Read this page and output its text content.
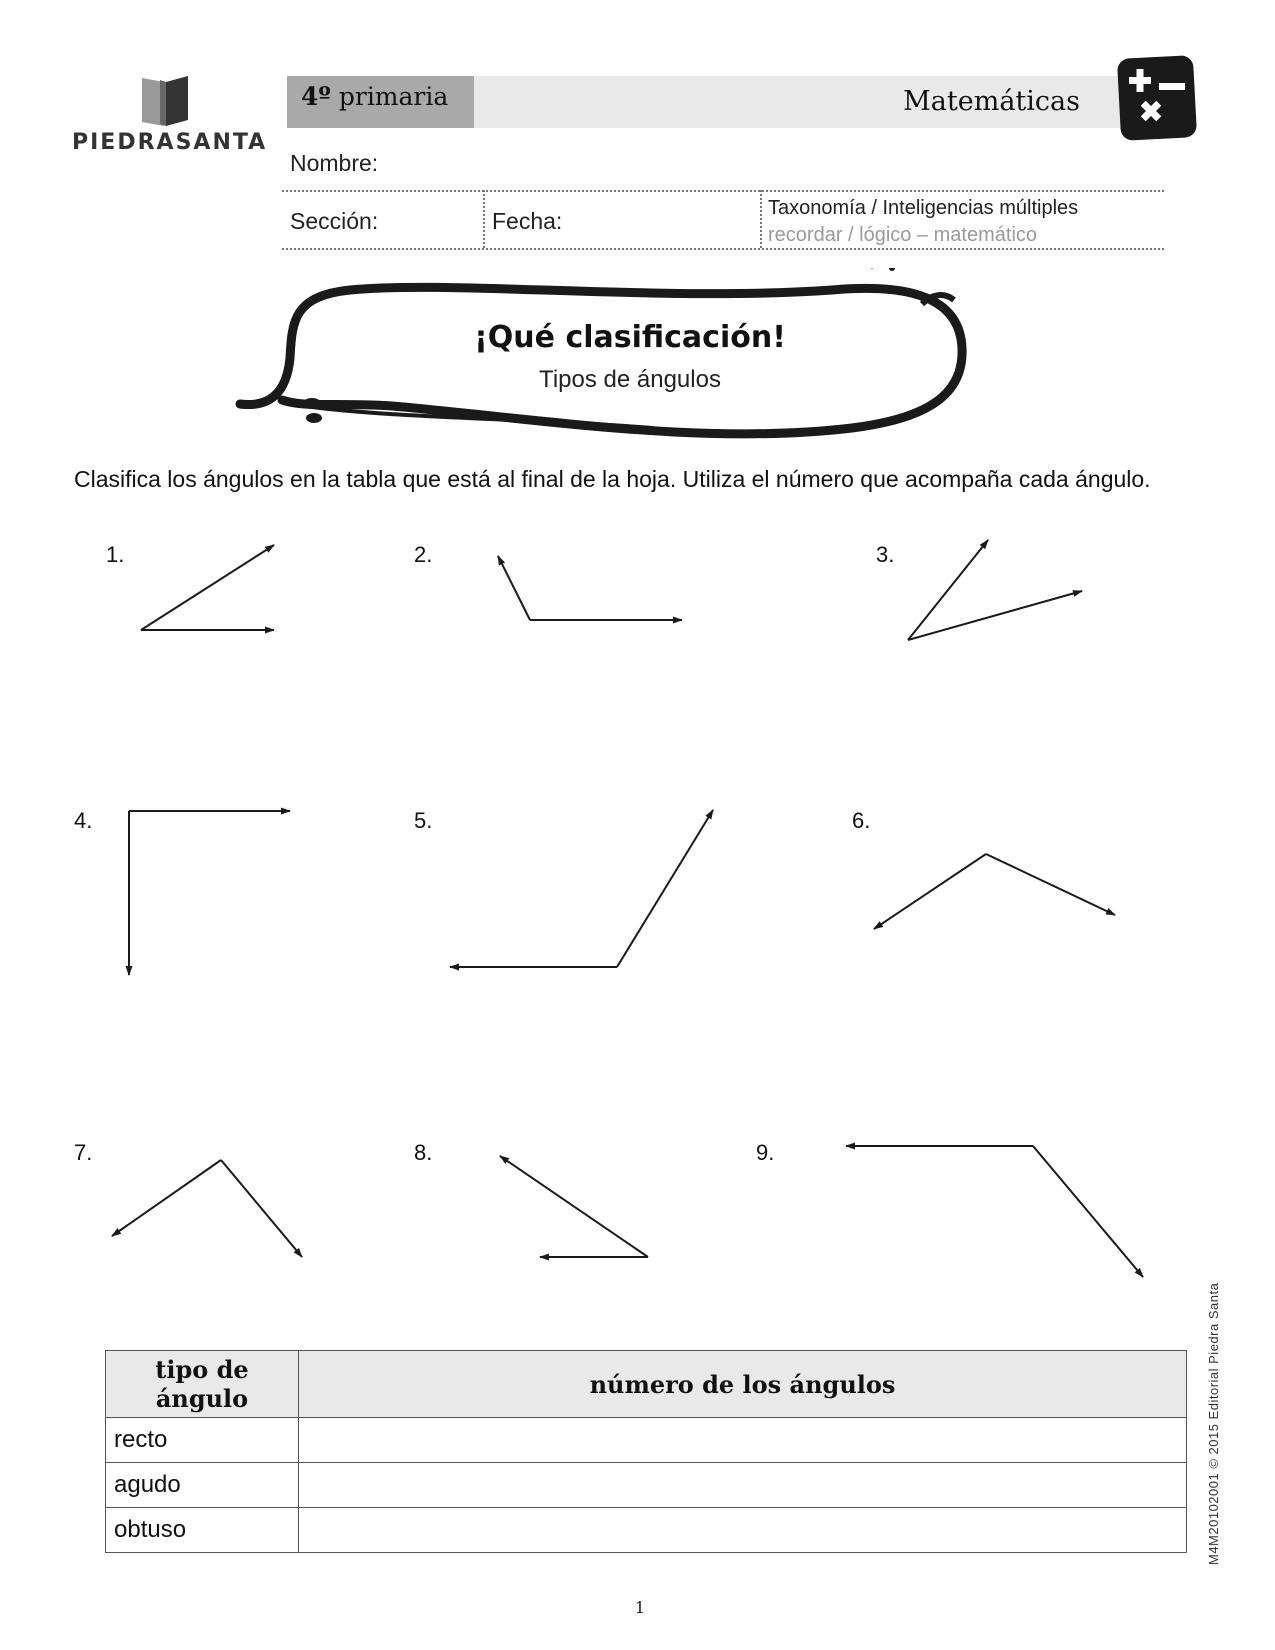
PIEDRASANTA
4º primaria	Matemáticas
Nombre:
Sección:	Fecha:	Taxonomía / Inteligencias múltiples
recordar / lógico – matemático
¡Qué clasificación!
Tipos de ángulos
Clasifica los ángulos en la tabla que está al final de la hoja. Utiliza el número que acompaña cada ángulo.
1.	2.	3.
4.	5.	6.
7.	8.	9.
tipo de ángulo	número de los ángulos
recto	
agudo	
obtuso	
1
M4M20102001 © 2015 Editorial Piedra Santa
